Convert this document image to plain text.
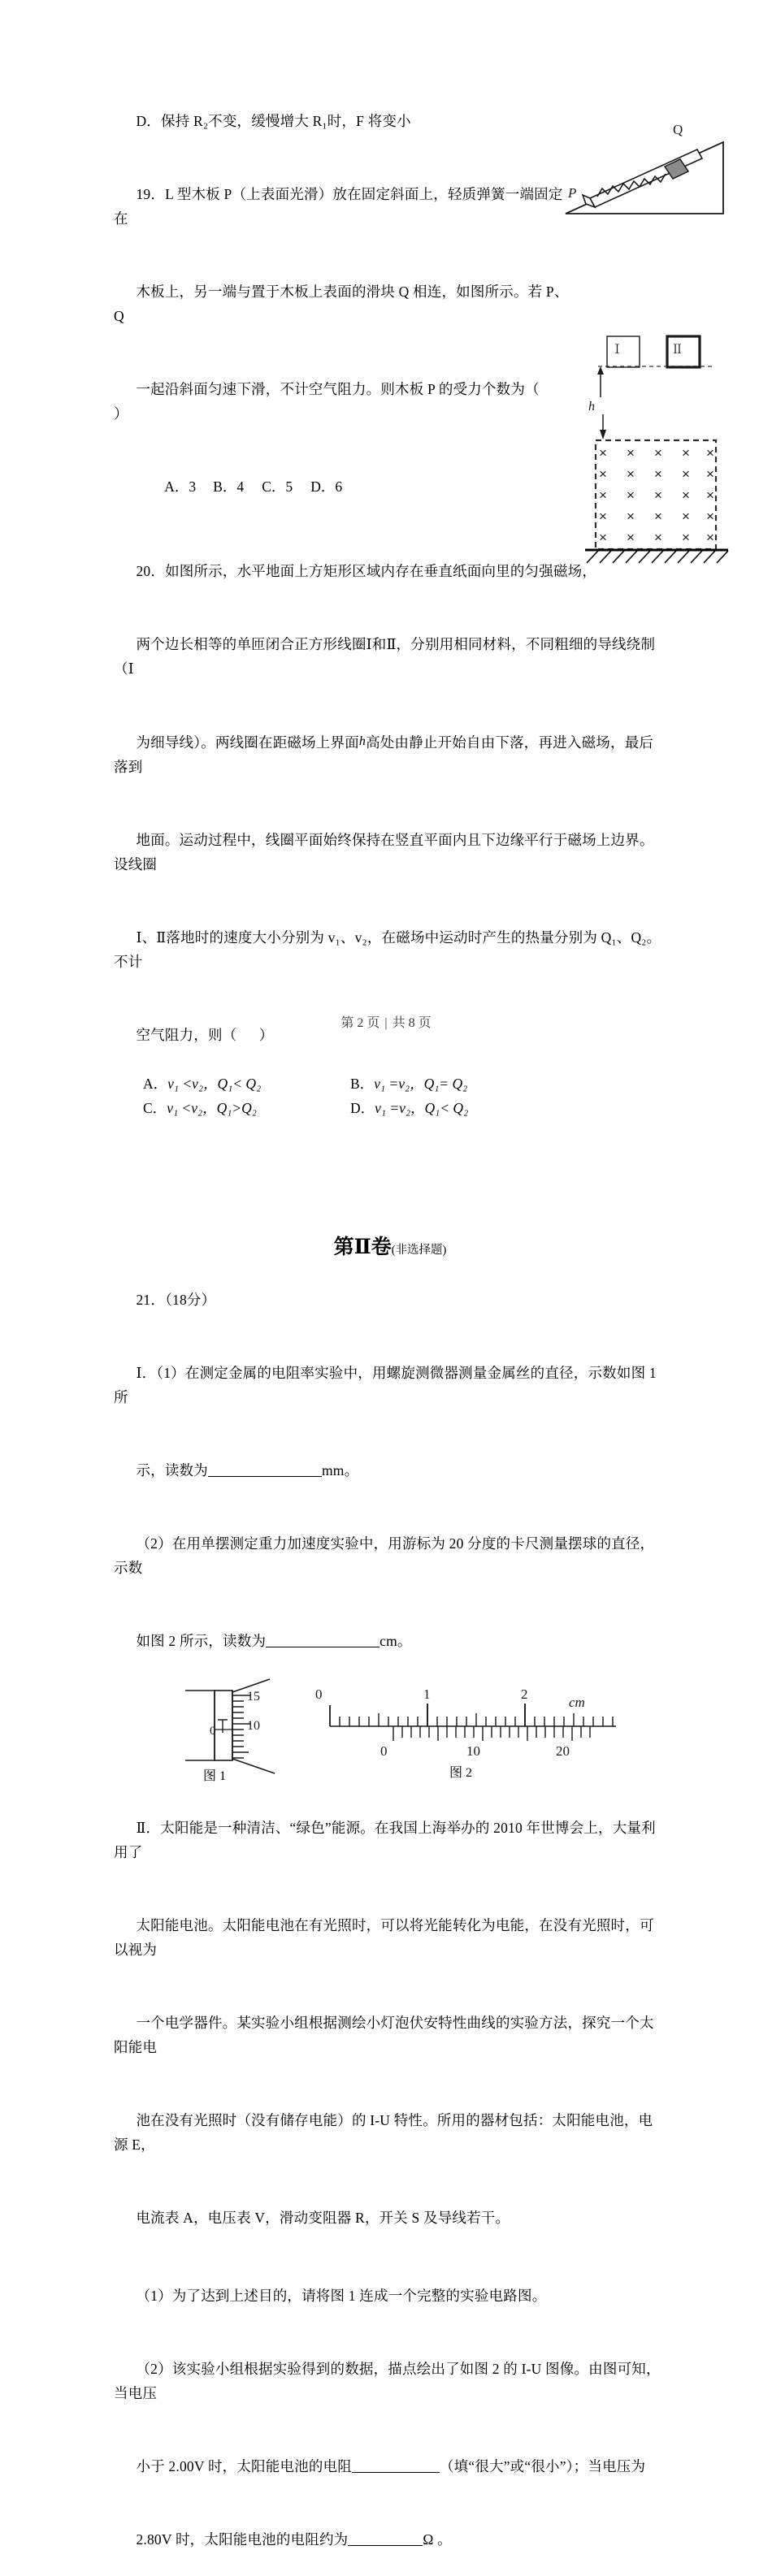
D．保持 R₂不变，缓慢增大 R₁时，F 将变小

19．L 型木板 P（上表面光滑）放在固定斜面上，轻质弹簧一端固定在

木板上，另一端与置于木板上表面的滑块 Q 相连，如图所示。若 P、Q

一起沿斜面匀速下滑，不计空气阻力。则木板 P 的受力个数为（      ）

A．3 B．4 C．5 D．6

20．如图所示，水平地面上方矩形区域内存在垂直纸面向里的匀强磁场，

两个边长相等的单匝闭合正方形线圈Ⅰ和Ⅱ，分别用相同材料，不同粗细的导线绕制（Ⅰ

为细导线）。两线圈在距磁场上界面h高处由静止开始自由下落，再进入磁场，最后落到

地面。运动过程中，线圈平面始终保持在竖直平面内且下边缘平行于磁场上边界。设线圈

Ⅰ、Ⅱ落地时的速度大小分别为 v₁、v₂，在磁场中运动时产生的热量分别为 Q₁、Q₂。不计

空气阻力，则（      ）

A．v₁ <v₂，Q₁< Q₂	B．v₁ =v₂，Q₁= Q₂
C．v₁ <v₂，Q₁>Q₂	D．v₁ =v₂，Q₁< Q₂
第Ⅱ卷(非选择题)

21．（18分）

Ⅰ．（1）在测定金属的电阻率实验中，用螺旋测微器测量金属丝的直径，示数如图 1 所

示，读数为	mm。

（2）在用单摆测定重力加速度实验中，用游标为 20 分度的卡尺测量摆球的直径，示数

如图 2 所示，读数为	cm。

0
15
10
图 1
0	1	2
cm
0	10	20
图 2

Ⅱ．太阳能是一种清洁、“绿色”能源。在我国上海举办的 2010 年世博会上，大量利用了

太阳能电池。太阳能电池在有光照时，可以将光能转化为电能，在没有光照时，可以视为

一个电学器件。某实验小组根据测绘小灯泡伏安特性曲线的实验方法，探究一个太阳能电

池在没有光照时（没有储存电能）的 I-U 特性。所用的器材包括：太阳能电池，电源 E，

电流表 A，电压表 V，滑动变阻器 R，开关 S 及导线若干。

（1）为了达到上述目的，请将图 1 连成一个完整的实验电路图。

（2）该实验小组根据实验得到的数据，描点绘出了如图 2 的 I-U 图像。由图可知，当电压

小于 2.00V 时，太阳能电池的电阻	（填“很大”或“很小”）；当电压为

2.80V 时，太阳能电池的电阻约为	Ω 。

P
Q
Ⅰ	Ⅱ
h
× × × × ×
× × × × ×
× × × × ×
× × × × ×
× × × × ×
第 2 页 | 共 8 页
